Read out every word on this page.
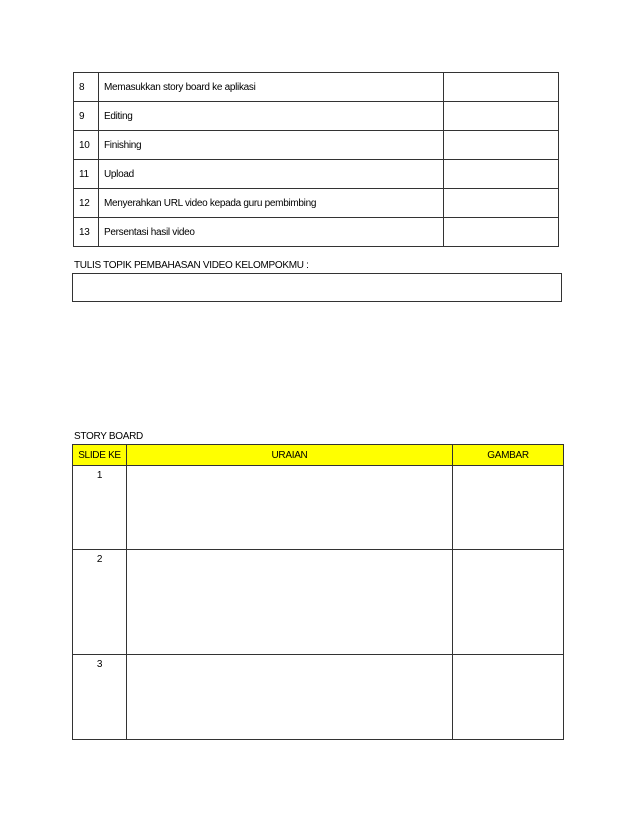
8	Memasukkan story board ke aplikasi	
9	Editing	
10	Finishing	
11	Upload	
12	Menyerahkan URL video kepada guru pembimbing	
13	Persentasi hasil video	
TULIS TOPIK PEMBAHASAN VIDEO KELOMPOKMU :
STORY BOARD
SLIDE KE	URAIAN	GAMBAR
1		
2		
3		
